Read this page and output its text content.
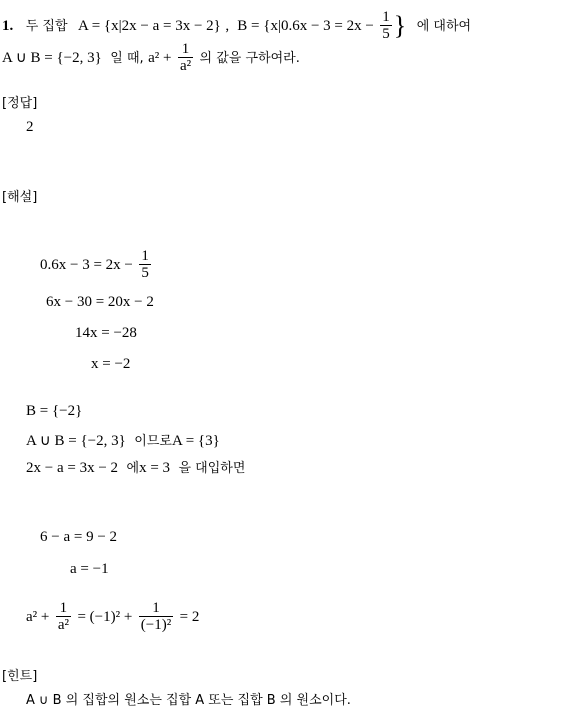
1. 두 집합 A = {x|2x − a = 3x − 2} ,  $B = \{x|0.6x - 3 = 2x - \frac{1}{5}$ } 에 대하여
A ∪ B = {−2, 3} 일 때, $a^2 + \frac{1}{\text{a²}}$ 의 값을 구하여라.
[정답]
2
[해설]
$0.6x - 3 = 2x - \frac{1}{5}$
6x − 30 = 20x − 2
14x = −28
x = −2
B = {−2}
A ∪ B = {−2, 3} 이므로A = {3}
2x − a = 3x − 2 에x = 3 을 대입하면
6 − a = 9 − 2
a = −1
$a^2 + \frac{1}{\text{a²}} = (-1)^2 + \frac{1}{\text{(−1)²}} = 2$
[힌트]
A ∪ B 의 집합의 원소는 집합 A 또는 집합 B 의 원소이다.
